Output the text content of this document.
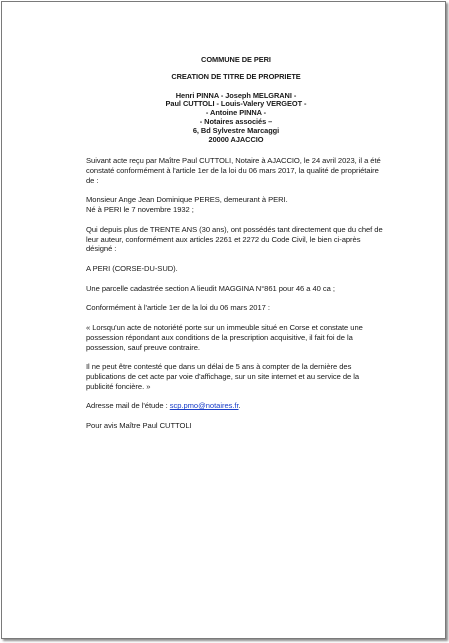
COMMUNE DE PERI

CREATION DE TITRE DE PROPRIETE

Henri PINNA - Joseph MELGRANI -
Paul CUTTOLI - Louis-Valery VERGEOT -
- Antoine PINNA -
- Notaires associés –
6, Bd Sylvestre Marcaggi
20000 AJACCIO

Suivant acte reçu par Maître Paul CUTTOLI, Notaire à AJACCIO, le 24 avril 2023, il a été constaté conformément à l'article 1er de la loi du 06 mars 2017, la qualité de propriétaire de :

Monsieur Ange Jean Dominique PERES, demeurant à PERI.
Né à PERI le 7 novembre 1932 ;

Qui depuis plus de TRENTE ANS (30 ans), ont possédés tant directement que du chef de leur auteur, conformément aux articles 2261 et 2272 du Code Civil, le bien ci-après désigné :

A PERI (CORSE-DU-SUD).

Une parcelle cadastrée section A lieudit MAGGINA N°861 pour 46 a 40 ca ;

Conformément à l'article 1er de la loi du 06 mars 2017 :

« Lorsqu'un acte de notoriété porte sur un immeuble situé en Corse et constate une possession répondant aux conditions de la prescription acquisitive, il fait foi de la possession, sauf preuve contraire.

Il ne peut être contesté que dans un délai de 5 ans à compter de la dernière des publications de cet acte par voie d'affichage, sur un site internet et au service de la publicité foncière. »

Adresse mail de l'étude : scp.pmo@notaires.fr.

Pour avis Maître Paul CUTTOLI
